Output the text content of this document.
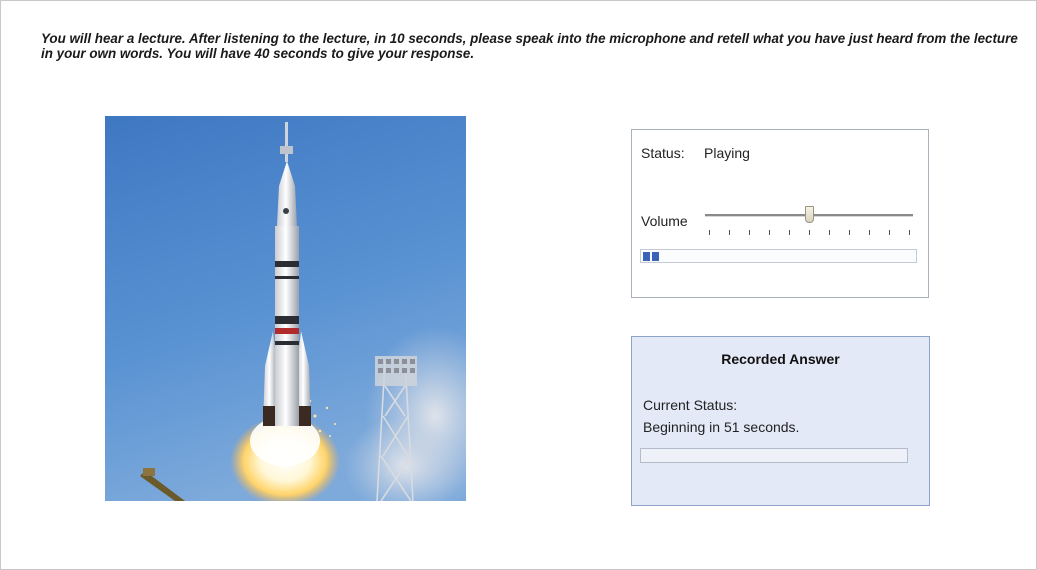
You will hear a lecture. After listening to the lecture, in 10 seconds, please speak into the microphone and retell what you have just heard from the lecture in your own words. You will have 40 seconds to give your response.

Status: Playing
Volume
Recorded Answer
Current Status:
Beginning in 51 seconds.
